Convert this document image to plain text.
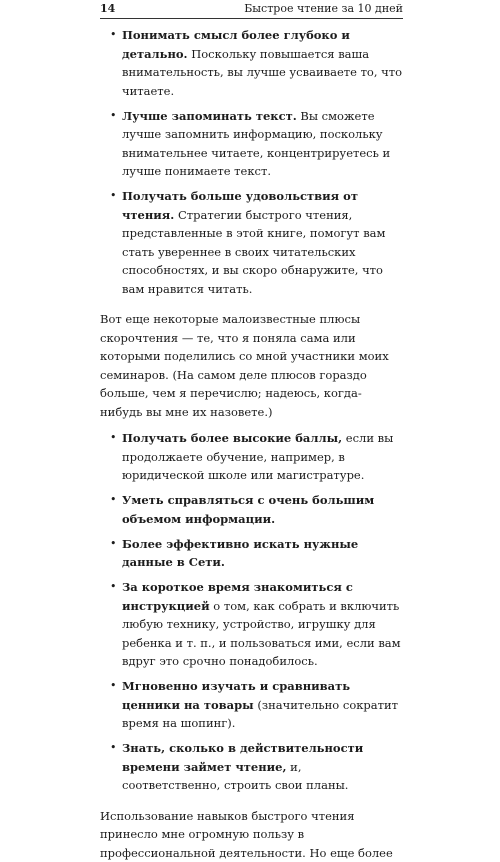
14	Быстрое чтение за 10 дней
• Понимать смысл более глубоко и детально. Поскольку повышается ваша внимательность, вы лучше усваиваете то, что читаете.
• Лучше запоминать текст. Вы сможете лучше запомнить информацию, поскольку внимательнее читаете, концентрируетесь и лучше понимаете текст.
• Получать больше удовольствия от чтения. Стратегии быстрого чтения, представленные в этой книге, помогут вам стать увереннее в своих читательских способностях, и вы скоро обнаружите, что вам нравится читать.

Вот еще некоторые малоизвестные плюсы скорочтения — те, что я поняла сама или которыми поделились со мной участники моих семинаров. (На самом деле плюсов гораздо больше, чем я перечислю; надеюсь, когда-нибудь вы мне их назовете.)

• Получать более высокие баллы, если вы продолжаете обучение, например, в юридической школе или магистратуре.
• Уметь справляться с очень большим объемом информации.
• Более эффективно искать нужные данные в Сети.
• За короткое время знакомиться с инструкцией о том, как собрать и включить любую технику, устройство, игрушку для ребенка и т. п., и пользоваться ими, если вам вдруг это срочно понадобилось.
• Мгновенно изучать и сравнивать ценники на товары (значительно сократит время на шопинг).
• Знать, сколько в действительности времени займет чтение, и, соответственно, строить свои планы.

Использование навыков быстрого чтения принесло мне огромную пользу в профессиональной деятельности. Но еще более
